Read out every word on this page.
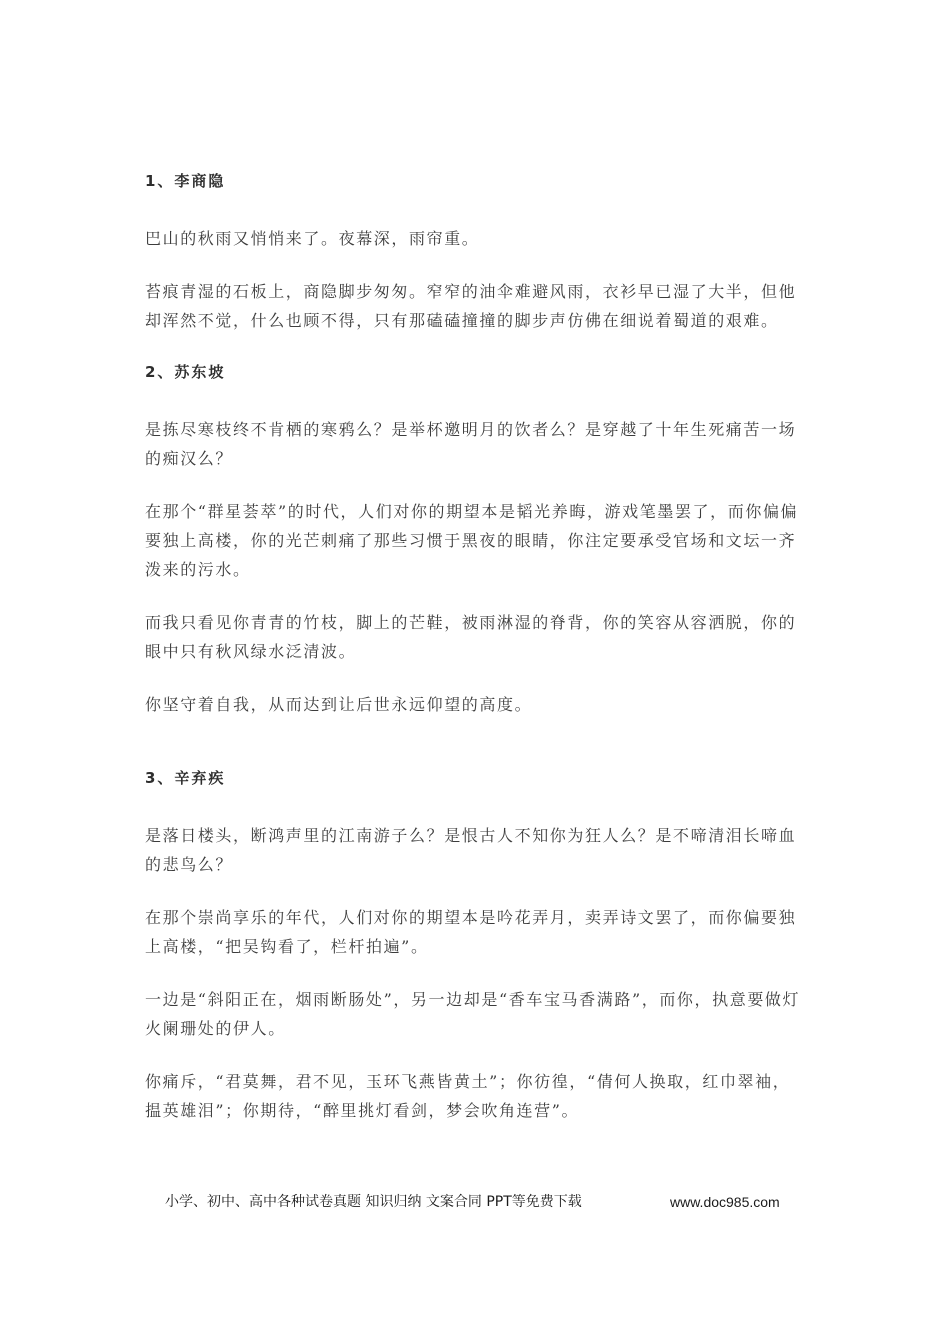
1、李商隐

巴山的秋雨又悄悄来了。夜幕深，雨帘重。

苔痕青湿的石板上，商隐脚步匆匆。窄窄的油伞难避风雨，衣衫早已湿了大半，但他却浑然不觉，什么也顾不得，只有那磕磕撞撞的脚步声仿佛在细说着蜀道的艰难。

2、苏东坡

是拣尽寒枝终不肯栖的寒鸦么？是举杯邀明月的饮者么？是穿越了十年生死痛苦一场的痴汉么？

在那个“群星荟萃”的时代，人们对你的期望本是韬光养晦，游戏笔墨罢了，而你偏偏要独上高楼，你的光芒刺痛了那些习惯于黑夜的眼睛，你注定要承受官场和文坛一齐泼来的污水。

而我只看见你青青的竹枝，脚上的芒鞋，被雨淋湿的脊背，你的笑容从容洒脱，你的眼中只有秋风绿水泛清波。

你坚守着自我，从而达到让后世永远仰望的高度。

3、辛弃疾

是落日楼头，断鸿声里的江南游子么？是恨古人不知你为狂人么？是不啼清泪长啼血的悲鸟么？

在那个崇尚享乐的年代，人们对你的期望本是吟花弄月，卖弄诗文罢了，而你偏要独上高楼，“把吴钩看了，栏杆拍遍”。

一边是“斜阳正在，烟雨断肠处”，另一边却是“香车宝马香满路”，而你，执意要做灯火阑珊处的伊人。

你痛斥，“君莫舞，君不见，玉环飞燕皆黄土”；你彷徨，“倩何人换取，红巾翠袖，揾英雄泪”；你期待，“醉里挑灯看剑，梦会吹角连营”。

小学、初中、高中各种试卷真题 知识归纳 文案合同 PPT等免费下载	www.doc985.com
